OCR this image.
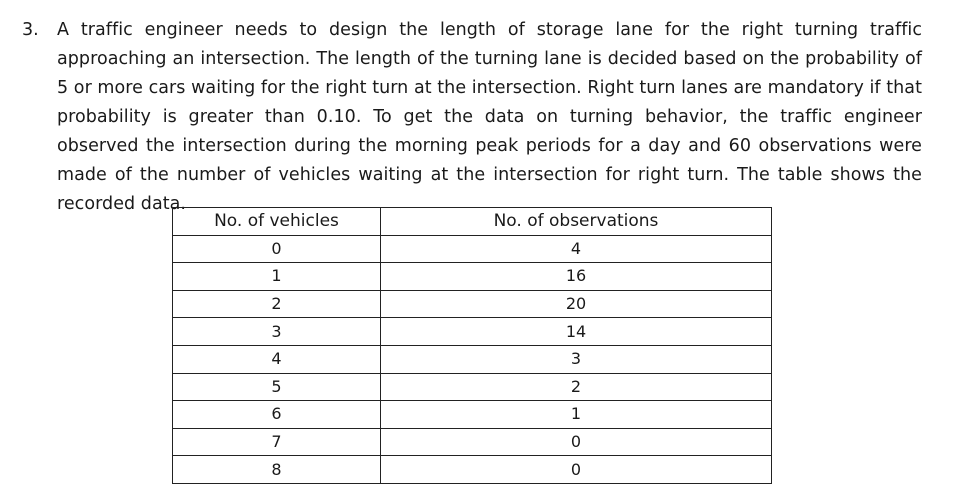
3. A traffic engineer needs to design the length of storage lane for the right turning traffic approaching an intersection. The length of the turning lane is decided based on the probability of 5 or more cars waiting for the right turn at the intersection. Right turn lanes are mandatory if that probability is greater than 0.10. To get the data on turning behavior, the traffic engineer observed the intersection during the morning peak periods for a day and 60 observations were made of the number of vehicles waiting at the intersection for right turn. The table shows the recorded data.
No. of vehicles	No. of observations
0	4
1	16
2	20
3	14
4	3
5	2
6	1
7	0
8	0
